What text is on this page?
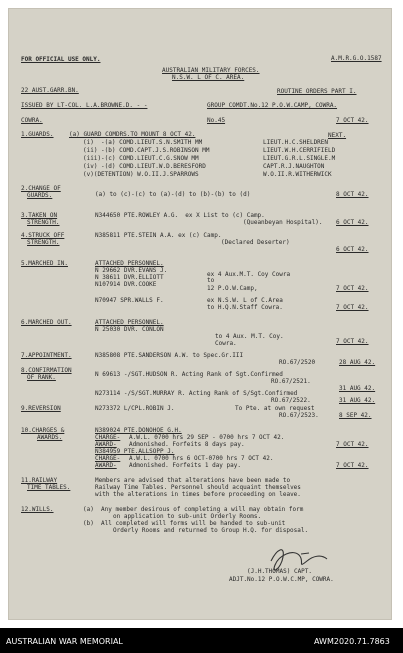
FOR OFFICIAL USE ONLY.	A.M.R.G.O.1587
AUSTRALIAN MILITARY FORCES.
N.S.W. L OF C. AREA.
ROUTINE ORDERS PART I.
22 AUST.GARR.BN.
ISSUED BY LT-COL. L.A.BROWNE.D. - -	GROUP COMDT.No.12 P.O.W.CAMP, COWRA.
COWRA.	No.45	7 OCT 42.
1.GUARDS.	(a) GUARD COMDRS.TO MOUNT 8 OCT 42.	NEXT.
(i)  -(a) COMD.LIEUT.S.N.SMITH MM	LIEUT.H.C.SHELDREN
(ii) -(b) COMD.CAPT.J.S.ROBINSON MM	LIEUT.W.H.CERRIFIELD
(iii)-(c) COMD.LIEUT.C.G.SNOW MM	LIEUT.G.R.L.SINGLE.M
(iv) -(d) COMD.LIEUT.W.D.BERESFORD	CAPT.R.J.NAUGHTON
(v)(DETENTION) W.O.II.J.SPARROWS	W.O.II.R.WITHERWICK
2.CHANGE OF
GUARDS.	(a) to (c)-(c) to (a)-(d) to (b)-(b) to (d)	8 OCT 42.
3.TAKEN ON
STRENGTH.
N344650 PTE.ROWLEY A.G.  ex X List to (c) Camp.
(Queanbeyan Hospital). 6 OCT 42.
4.STRUCK OFF
STRENGTH.
N385811 PTE.STEIN A.A. ex (c) Camp.
(Declared Deserter)
6 OCT 42.
5.MARCHED IN.	ATTACHED PERSONNEL.
N 29662 DVR.EVANS J.
N 38611 DVR.ELLIOTT
N107914 DVR.COOKE
ex 4 Aux.M.T. Coy Cowra
to
12 P.O.W.Camp,	7 OCT 42.
N70947 SPR.WALLS F.	ex N.S.W. L of C.Area
to H.Q.N.Staff Cowra.	7 OCT 42.
6.MARCHED OUT.	ATTACHED PERSONNEL.
N 25030 DVR. CONLON
to 4 Aux. M.T. Coy.
Cowra.	7 OCT 42.
7.APPOINTMENT.	N385808 PTE.SANDERSON A.W. to Spec.Gr.III
RO.67/2520	28 AUG 42.
8.CONFIRMATION
OF RANK.	N 69613 -/SGT.HUDSON R. Acting Rank of Sgt.Confirmed
RO.67/2521.
31 AUG 42.
N273114 -/S/SGT.MURRAY R. Acting Rank of S/Sgt.Confirmed
RO.67/2522.	31 AUG 42.
9.REVERSION	N273372 L/CPL.ROBIN J.	To Pte. at own request
RO.67/2523.	8 SEP 42.
10.CHARGES &
AWARDS.
N389024 PTE.DONOHOE G.H.
CHARGE- A.W.L. 0700 hrs 29 SEP - 0700 hrs 7 OCT 42.
AWARD- Admonished. Forfeits 8 days pay.	7 OCT 42.
N384959 PTE.ALLSOPP J.
CHARGE- A.W.L. 0700 hrs 6 OCT-0700 hrs 7 OCT 42.
AWARD- Admonished. Forfeits 1 day pay.	7 OCT 42.
11.RAILWAY
TIME TABLES.
Members are advised that alterations have been made to
Railway Time Tables. Personnel should acquaint themselves
with the alterations in times before proceeding on leave.
12.WILLS.	(a)  Any member desirous of completing a will may obtain form
on application to sub-unit Orderly Rooms.
(b)  All completed will forms will be handed to sub-unit
Orderly Rooms and returned to Group H.Q. for disposal.
(J.H.THOMAS) CAPT.
ADJT.No.12 P.O.W.C.MP, COWRA.
AUSTRALIAN WAR MEMORIAL	AWM2020.71.7863
